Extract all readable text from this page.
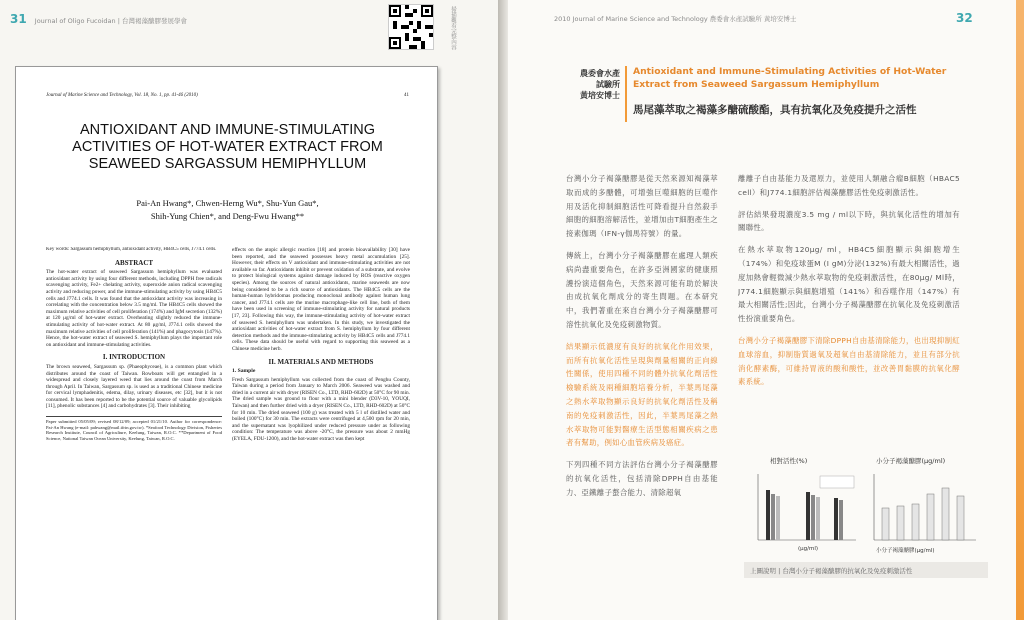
31 Journal of Oligo Fucoidan | 台灣褐藻醣膠發展學會	掃描觀看完整內容
Journal of Marine Science and Technology, Vol. 18, No. 1, pp. 41-46 (2010)	41
ANTIOXIDANT AND IMMUNE-STIMULATING
ACTIVITIES OF HOT-WATER EXTRACT FROM
SEAWEED SARGASSUM HEMIPHYLLUM
Pai-An Hwang*, Chwen-Herng Wu*, Shu-Yun Gau*,
Shih-Yung Chien*, and Deng-Fwu Hwang**
Key words: Sargassum hemiphyllum, antioxidant activity, HB4C5 cells, J774.1 cells.
ABSTRACT
The hot-water extract of seaweed Sargassum hemiphyllum was evaluated antioxidant activity by using four different methods, including DPPH free radicals scavenging activity, Fe2+ chelating activity, superoxide anion radical scavenging activity and reducing power, and the immune-stimulating activity by using HB4C5 cells and J774.1 cells. It was found that the antioxidant activity was increasing in correlating with the concentration below 3.5 mg/ml. The HB4C5 cells showed the maximum relative activities of cell proliferation (174%) and IgM secretion (132%) at 120 μg/ml of hot-water extract. Overheating slightly reduced the immune-stimulating activity of hot-water extract. At 80 μg/ml, J774.1 cells showed the maximum relative activities of cell proliferation (141%) and phagocytosis (147%). Hence, the hot-water extract of seaweed S. hemiphyllum plays the important role on antioxidant and immune-stimulating activities.
I. INTRODUCTION
The brown seaweed, Sargassum sp. (Phaeophyceae), is a common plant which distributes around the coast of Taiwan. Rowboats will get entangled in a widespread and closely layered weed that lies around the coast from March through April. In Taiwan, Sargassum sp. is used as a traditional Chinese medicine for cervical lymphadenitis, edema, dilay, urinary diseases, etc [32], but it is not consumed. It has been reported to be the potential source of valuable glycolipids [11], phenolic substances [4] and carbohydrates [3]. Their inhibiting
Paper submitted 05/05/09; revised 08/12/09; accepted 01/21/10. Author for correspondence: Pai-An Hwang (e-mail: pahwang@mail.tfrin.gov.tw). *Seafood Technology Division, Fisheries Research Institute, Council of Agriculture, Keelung, Taiwan, R.O.C. **Department of Food Science, National Taiwan Ocean University, Keelung, Taiwan, R.O.C.
effects on the atopic allergic reaction [18] and protein bioavailability [30] have been reported, and the seaweed possesses heavy metal accumulation [25]. However, their effects on V antioxidant and immune-stimulating activities are not available so far. Antioxidants inhibit or prevent oxidation of a substrate, and evolve to protect biological systems against damage induced by ROS (reactive oxygen species). Among the sources of natural antioxidants, marine seaweeds are now being considered to be a rich source of antioxidants. The HB4C5 cells are the human-human hybridomas producing monoclonal antibody against human lung cancer, and J774.1 cells are the murine macrophage-like cell line, both of them have been used in screening of immune-stimulating activity for natural products [17, 23]. Following this way, the immune-stimulating activity of hot-water extract of seaweed S. hemiphyllum was undertaken. In this study, we investigated the antioxidant activities of hot-water extract from S. hemiphyllum by four different detection methods and the immune-stimulating activity by HB4C5 cells and J774.1 cells. These data should be useful with regard to supporting this seaweed as a Chinese medicine herb.
II. MATERIALS AND METHODS
1. Sample
Fresh Sargassum hemiphyllum was collected from the coast of Penghu County, Taiwan during a period from January to March 2006. Seaweed was washed and dried in a current air with dryer (RISEN Co., LTD, RHD-602D) at 50°C for 90 min. The dried sample was ground to flour with a mini blender (D3V-10, YOUQI, Taiwan) and then further dried with a dryer (RISEN Co., LTD, RHD-602D) at 50°C for 10 min. The dried seaweed (100 g) was treated with 5 l of distilled water and boiled (100°C) for 30 min. The extracts were centrifuged at 4,500 rpm for 20 min, and the supernatant was lyophilized under reduced pressure under as following condition: The temperature was above -20°C, the pressure was about 2 mmHg (EYELA, FDU-1200), and the hot-water extract was then kept
2010 Journal of Marine Science and Technology 農委會水產試驗所 黃培安博士	32
農委會水產
試驗所
黃培安博士
Antioxidant and Immune-Stimulating Activities of Hot-Water Extract from Seaweed Sargassum Hemiphyllum
馬尾藻萃取之褐藻多醣硫酸酯，具有抗氧化及免疫提升之活性

台灣小分子褐藻醣膠是從天然來源知褐藻萃取而成的多醣體，可增強巨噬細胞的巨噬作用及活化抑制細胞活性可降看提升自然殺手細胞的細胞溶解活性，並增加由T細胞產生之接素伽瑪（IFN-γ伽馬符號）的量。

傳統上，台灣小分子褐藻醣膠在處理人類疾病尚盡重要角色，在許多亞洲國家的健康照護扮演這個角色，天然來源可能有助於解決由成抗氧化劑成分的寄生問題。在本研究中，我們著重在來自台灣小分子褐藻醣膠可溶性抗氧化及免疫刺激物質。

結果顯示低濃度有良好的抗氧化作用效果，而所有抗氧化活性呈現與劑量相關的正向線性關係，使用四種不同的體外抗氧化劑活性檢驗系統及兩種細胞培養分析，半葉馬尾藻之熱水萃取物顯示良好的抗氧化劑活性及稱南的免疫刺激活性，因此，半葉馬尾藻之熱水萃取物可能對醫療生活型態相關疾病之患者有幫助，例如心血管疾病及癌症。

下列四種不同方法評估台灣小分子褐藻醣膠的抗氧化活性，包括清除DPPH自由基能力、亞鐵離子螯合能力、清除超氧

離離子自由基能力及還原力，並使用人類融合瘤B細胞（HBAC5 cell）和J774.1細胞評估褐藻醣膠活性免疫刺激活性。

評估結果發現濃度3.5 mg / ml以下時，與抗氧化活性的增加有關聯性。

在熱水萃取物120μg/ ml，HB4C5細胞顯示與細胞增生（174%）和免疫球蛋M (I gM)分泌(132%)有最大相關活性，過度加熱會輕微減少熱水萃取物的免疫刺激活性，在80μg/ Ml時，J774.1細胞顯示與細胞增殖（141%）和吞噬作用（147%）有最大相關活性;因此，台灣小分子褐藻醣膠在抗氧化及免疫刺激活性扮演重要角色。

台灣小分子褐藻醣膠下清除DPPH自由基清除能力，也出現抑制紅血球溶血，抑制脂質過氧及超氧自由基清除能力，並且有部分抗消化酵素酶，可維持胃液的酸和酸性，並改善胃黏膜的抗氧化酵素系統。

相對活性(%)	小分子褐藻醣膠(μg/ml)
小分子褐藻醣膠(μg/ml)
(μg/ml)
上圖說明 | 台灣小分子褐藻醣膠的抗氧化及免疫刺激活性
